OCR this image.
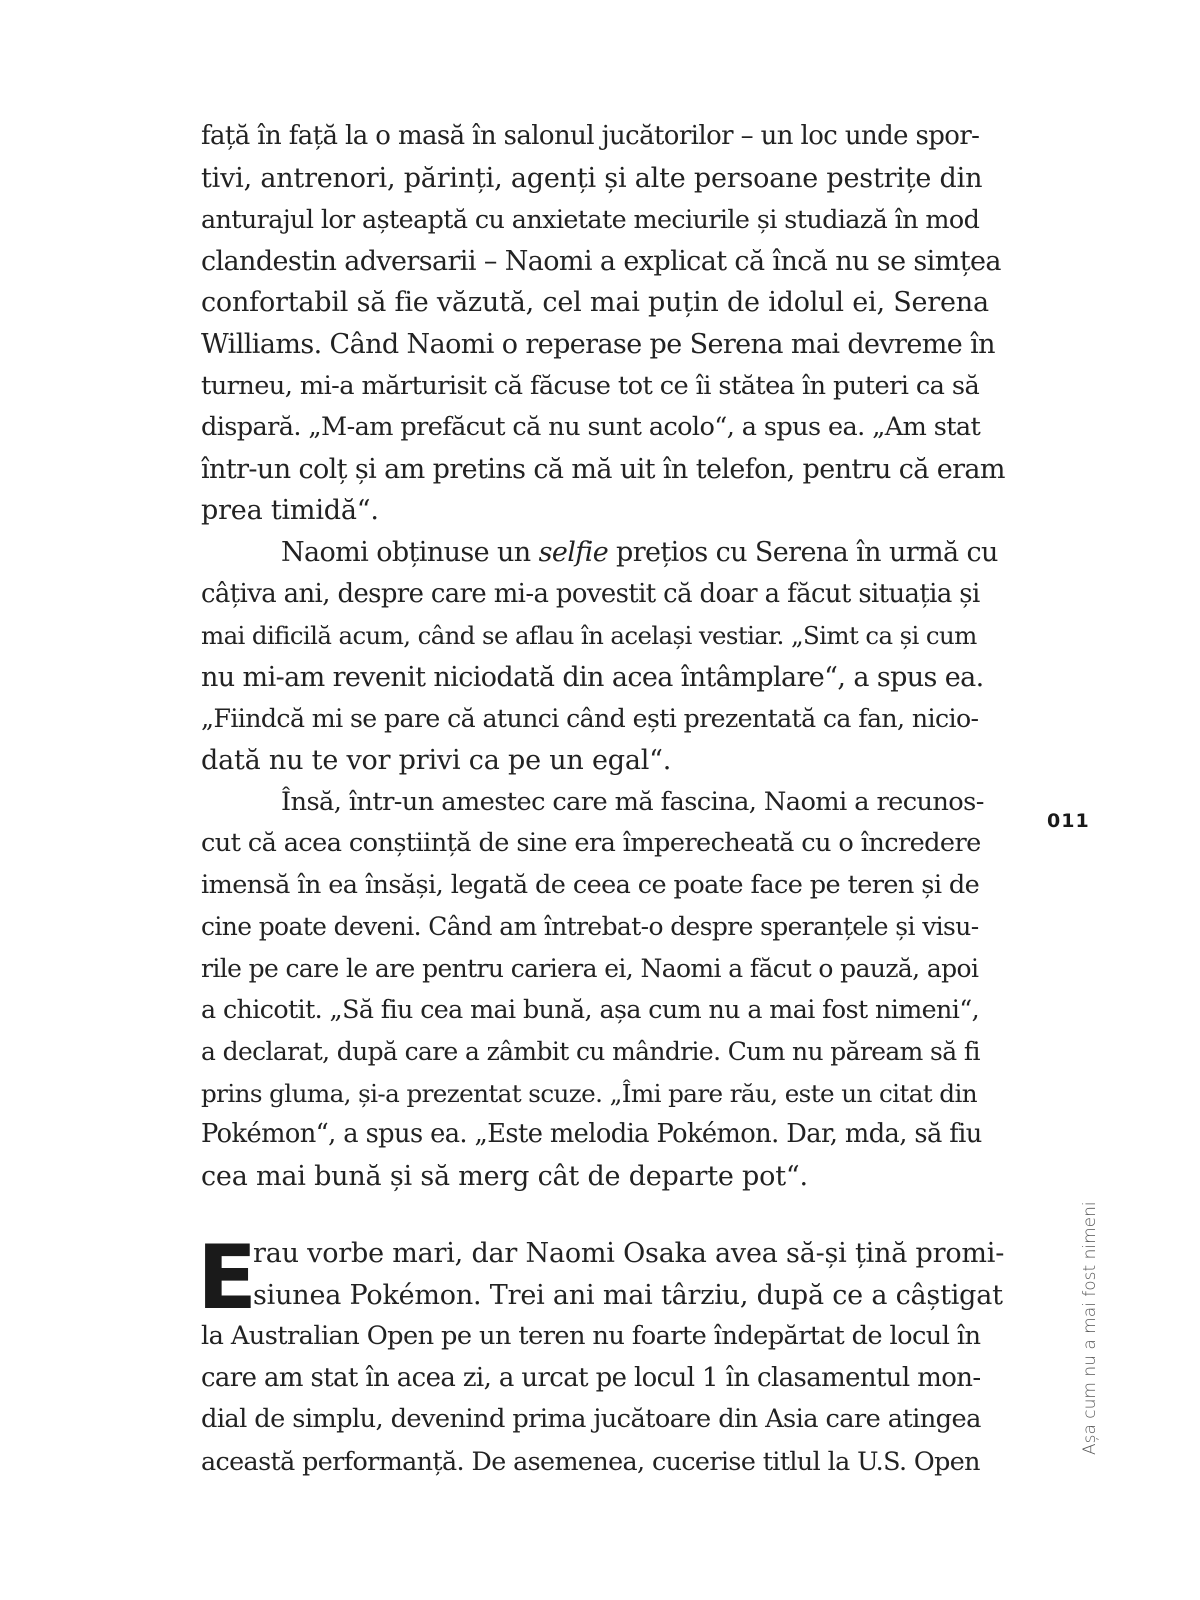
față în față la o masă în salonul jucătorilor – un loc unde spor-
tivi, antrenori, părinți, agenți și alte persoane pestrițe din
anturajul lor așteaptă cu anxietate meciurile și studiază în mod
clandestin adversarii – Naomi a explicat că încă nu se simțea
confortabil să fie văzută, cel mai puțin de idolul ei, Serena
Williams. Când Naomi o reperase pe Serena mai devreme în
turneu, mi-a mărturisit că făcuse tot ce îi stătea în puteri ca să
dispară. „M-am prefăcut că nu sunt acolo“, a spus ea. „Am stat
într-un colț și am pretins că mă uit în telefon, pentru că eram
prea timidă“.
Naomi obținuse un selfie prețios cu Serena în urmă cu
câțiva ani, despre care mi-a povestit că doar a făcut situația și
mai dificilă acum, când se aflau în același vestiar. „Simt ca și cum
nu mi-am revenit niciodată din acea întâmplare“, a spus ea.
„Fiindcă mi se pare că atunci când ești prezentată ca fan, nicio-
dată nu te vor privi ca pe un egal“.
Însă, într-un amestec care mă fascina, Naomi a recunos-
cut că acea conștiință de sine era împerecheată cu o încredere
imensă în ea însăși, legată de ceea ce poate face pe teren și de
cine poate deveni. Când am întrebat-o despre speranțele și visu-
rile pe care le are pentru cariera ei, Naomi a făcut o pauză, apoi
a chicotit. „Să fiu cea mai bună, așa cum nu a mai fost nimeni“,
a declarat, după care a zâmbit cu mândrie. Cum nu păream să fi
prins gluma, și-a prezentat scuze. „Îmi pare rău, este un citat din
Pokémon“, a spus ea. „Este melodia Pokémon. Dar, mda, să fiu
cea mai bună și să merg cât de departe pot“.
E
rau vorbe mari, dar Naomi Osaka avea să-și țină promi-
siunea Pokémon. Trei ani mai târziu, după ce a câștigat
la Australian Open pe un teren nu foarte îndepărtat de locul în
care am stat în acea zi, a urcat pe locul 1 în clasamentul mon-
dial de simplu, devenind prima jucătoare din Asia care atingea
această performanță. De asemenea, cucerise titlul la U.S. Open
011
Așa cum nu a mai fost nimeni
